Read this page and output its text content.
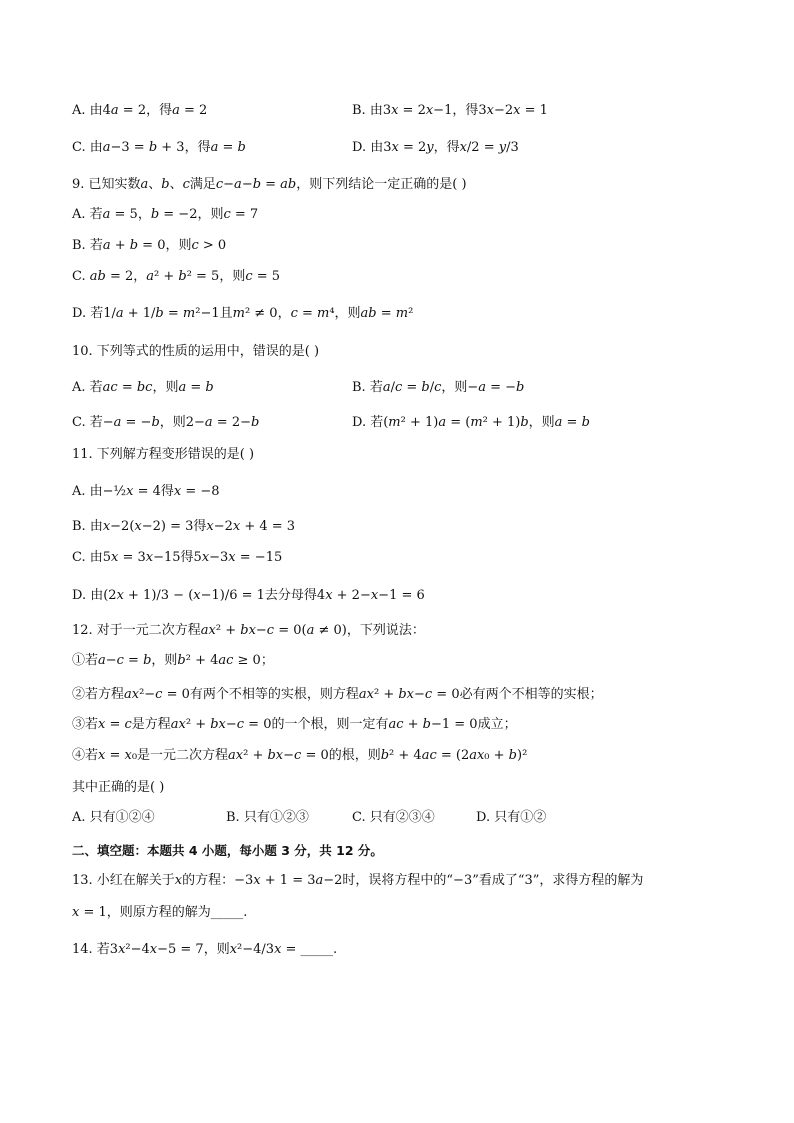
A. 由4𝑎 = 2，得𝑎 = 2	B. 由3𝑥 = 2𝑥−1，得3𝑥−2𝑥 = 1
C. 由𝑎−3 = 𝑏 + 3，得𝑎 = 𝑏	D. 由3𝑥 = 2𝑦，得𝑥/2 = 𝑦/3
9. 已知实数𝑎、𝑏、𝑐满足𝑐−𝑎−𝑏 = 𝑎𝑏，则下列结论一定正确的是( )
A. 若𝑎 = 5，𝑏 = −2，则𝑐 = 7
B. 若𝑎 + 𝑏 = 0，则𝑐 > 0
C. 𝑎𝑏 = 2，𝑎² + 𝑏² = 5，则𝑐 = 5
D. 若1/𝑎 + 1/𝑏 = 𝑚²−1且𝑚² ≠ 0，𝑐 = 𝑚⁴，则𝑎𝑏 = 𝑚²
10. 下列等式的性质的运用中，错误的是( )
A. 若𝑎𝑐 = 𝑏𝑐，则𝑎 = 𝑏	B. 若𝑎/𝑐 = 𝑏/𝑐，则−𝑎 = −𝑏
C. 若−𝑎 = −𝑏，则2−𝑎 = 2−𝑏	D. 若(𝑚² + 1)𝑎 = (𝑚² + 1)𝑏，则𝑎 = 𝑏
11. 下列解方程变形错误的是( )
A. 由−½𝑥 = 4得𝑥 = −8
B. 由𝑥−2(𝑥−2) = 3得𝑥−2𝑥 + 4 = 3
C. 由5𝑥 = 3𝑥−15得5𝑥−3𝑥 = −15
D. 由(2𝑥 + 1)/3 − (𝑥−1)/6 = 1去分母得4𝑥 + 2−𝑥−1 = 6
12. 对于一元二次方程𝑎𝑥² + 𝑏𝑥−𝑐 = 0(𝑎 ≠ 0)，下列说法：
①若𝑎−𝑐 = 𝑏，则𝑏² + 4𝑎𝑐 ≥ 0；
②若方程𝑎𝑥²−𝑐 = 0有两个不相等的实根，则方程𝑎𝑥² + 𝑏𝑥−𝑐 = 0必有两个不相等的实根；
③若𝑥 = 𝑐是方程𝑎𝑥² + 𝑏𝑥−𝑐 = 0的一个根，则一定有𝑎𝑐 + 𝑏−1 = 0成立；
④若𝑥 = 𝑥₀是一元二次方程𝑎𝑥² + 𝑏𝑥−𝑐 = 0的根，则𝑏² + 4𝑎𝑐 = (2𝑎𝑥₀ + 𝑏)²
其中正确的是( )
A. 只有①②④	B. 只有①②③	C. 只有②③④	D. 只有①②
二、填空题：本题共 4 小题，每小题 3 分，共 12 分。
13. 小红在解关于𝑥的方程：−3𝑥 + 1 = 3𝑎−2时，误将方程中的“−3”看成了“3”，求得方程的解为
𝑥 = 1，则原方程的解为_____.
14. 若3𝑥²−4𝑥−5 = 7，则𝑥²−4/3𝑥 = _____.
